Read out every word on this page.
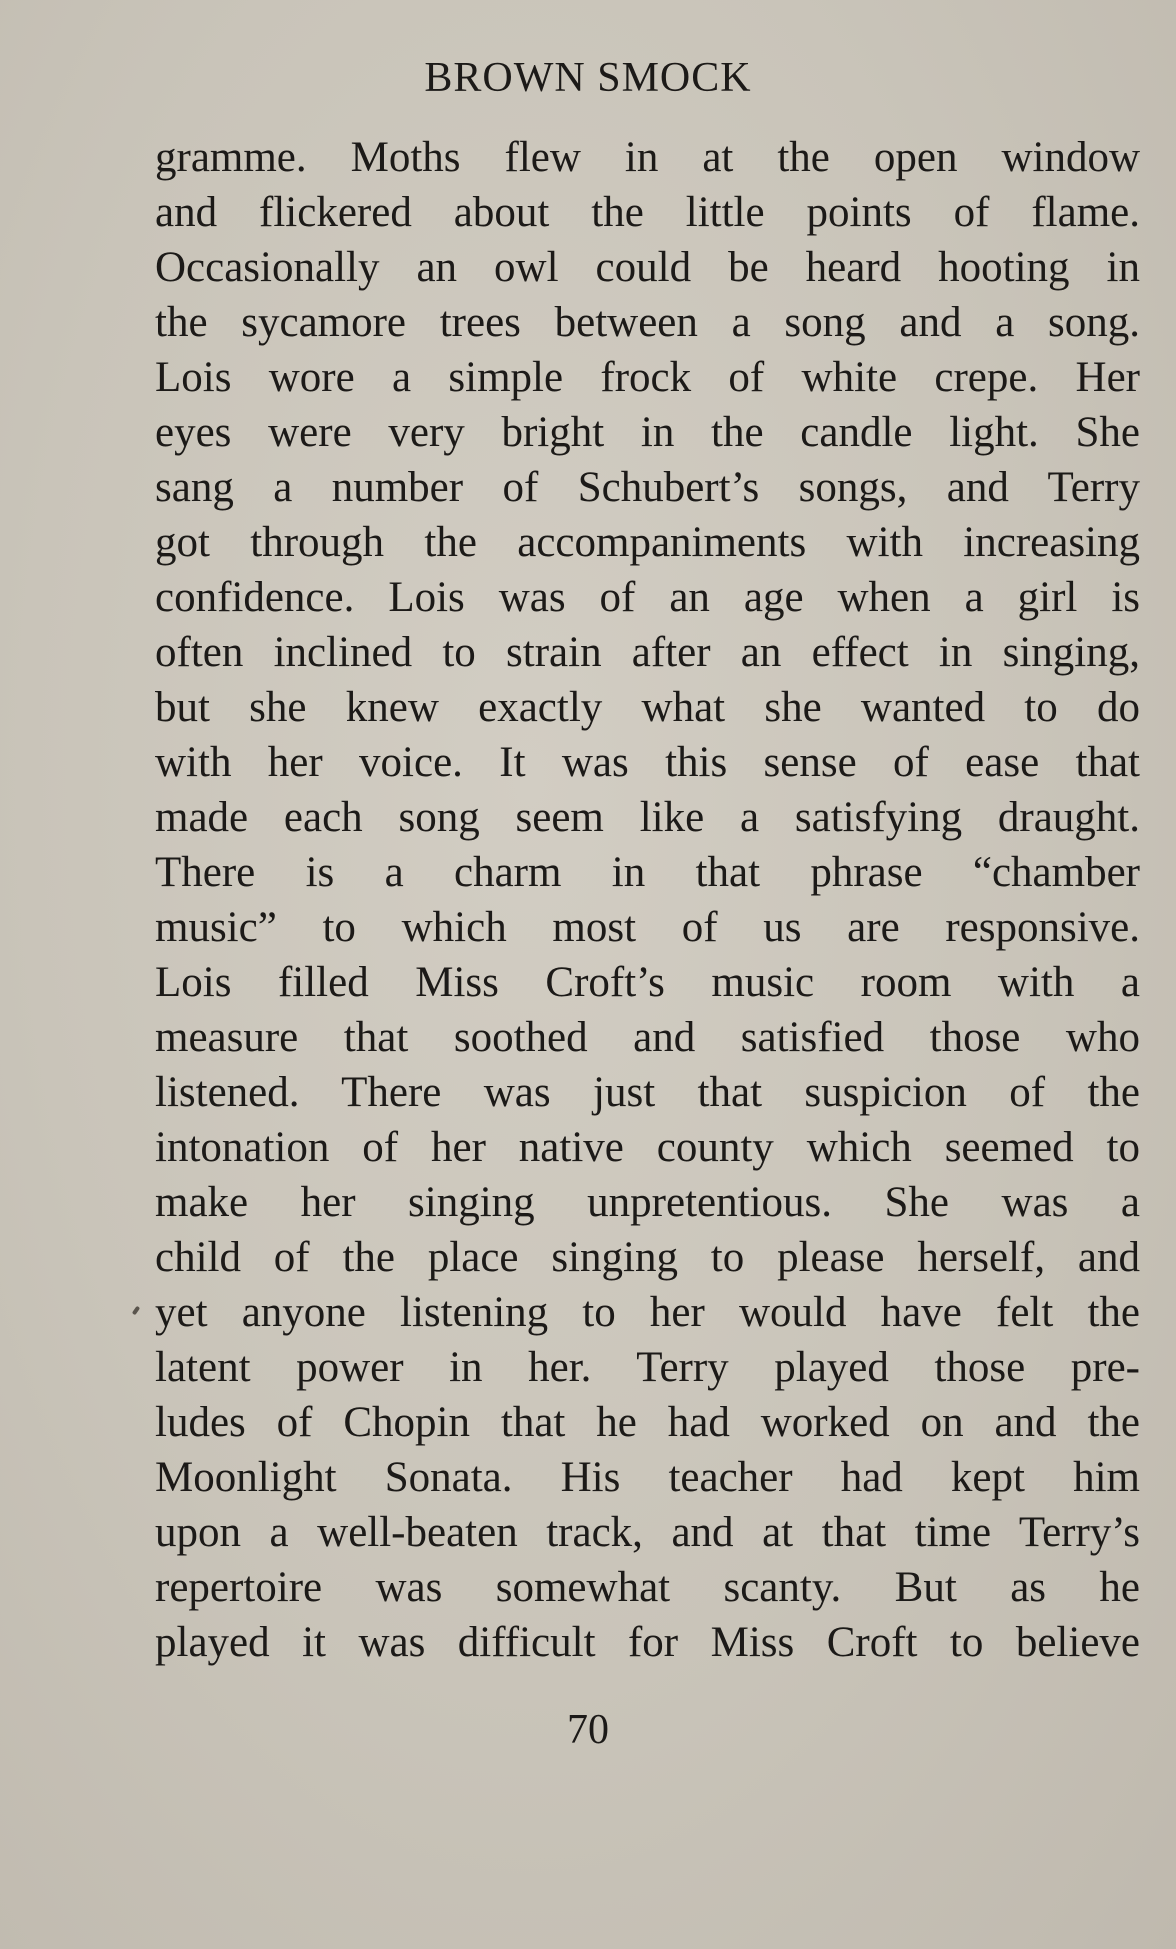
BROWN SMOCK
gramme. Moths flew in at the open window
and flickered about the little points of flame.
Occasionally an owl could be heard hooting in
the sycamore trees between a song and a song.
Lois wore a simple frock of white crepe. Her
eyes were very bright in the candle light. She
sang a number of Schubert’s songs, and Terry
got through the accompaniments with increasing
confidence. Lois was of an age when a girl is
often inclined to strain after an effect in singing,
but she knew exactly what she wanted to do
with her voice. It was this sense of ease that
made each song seem like a satisfying draught.
There is a charm in that phrase “chamber
music” to which most of us are responsive.
Lois filled Miss Croft’s music room with a
measure that soothed and satisfied those who
listened. There was just that suspicion of the
intonation of her native county which seemed to
make her singing unpretentious. She was a
child of the place singing to please herself, and
yet anyone listening to her would have felt the
latent power in her. Terry played those pre-
ludes of Chopin that he had worked on and the
Moonlight Sonata. His teacher had kept him
upon a well-beaten track, and at that time Terry’s
repertoire was somewhat scanty. But as he
played it was difficult for Miss Croft to believe
70
